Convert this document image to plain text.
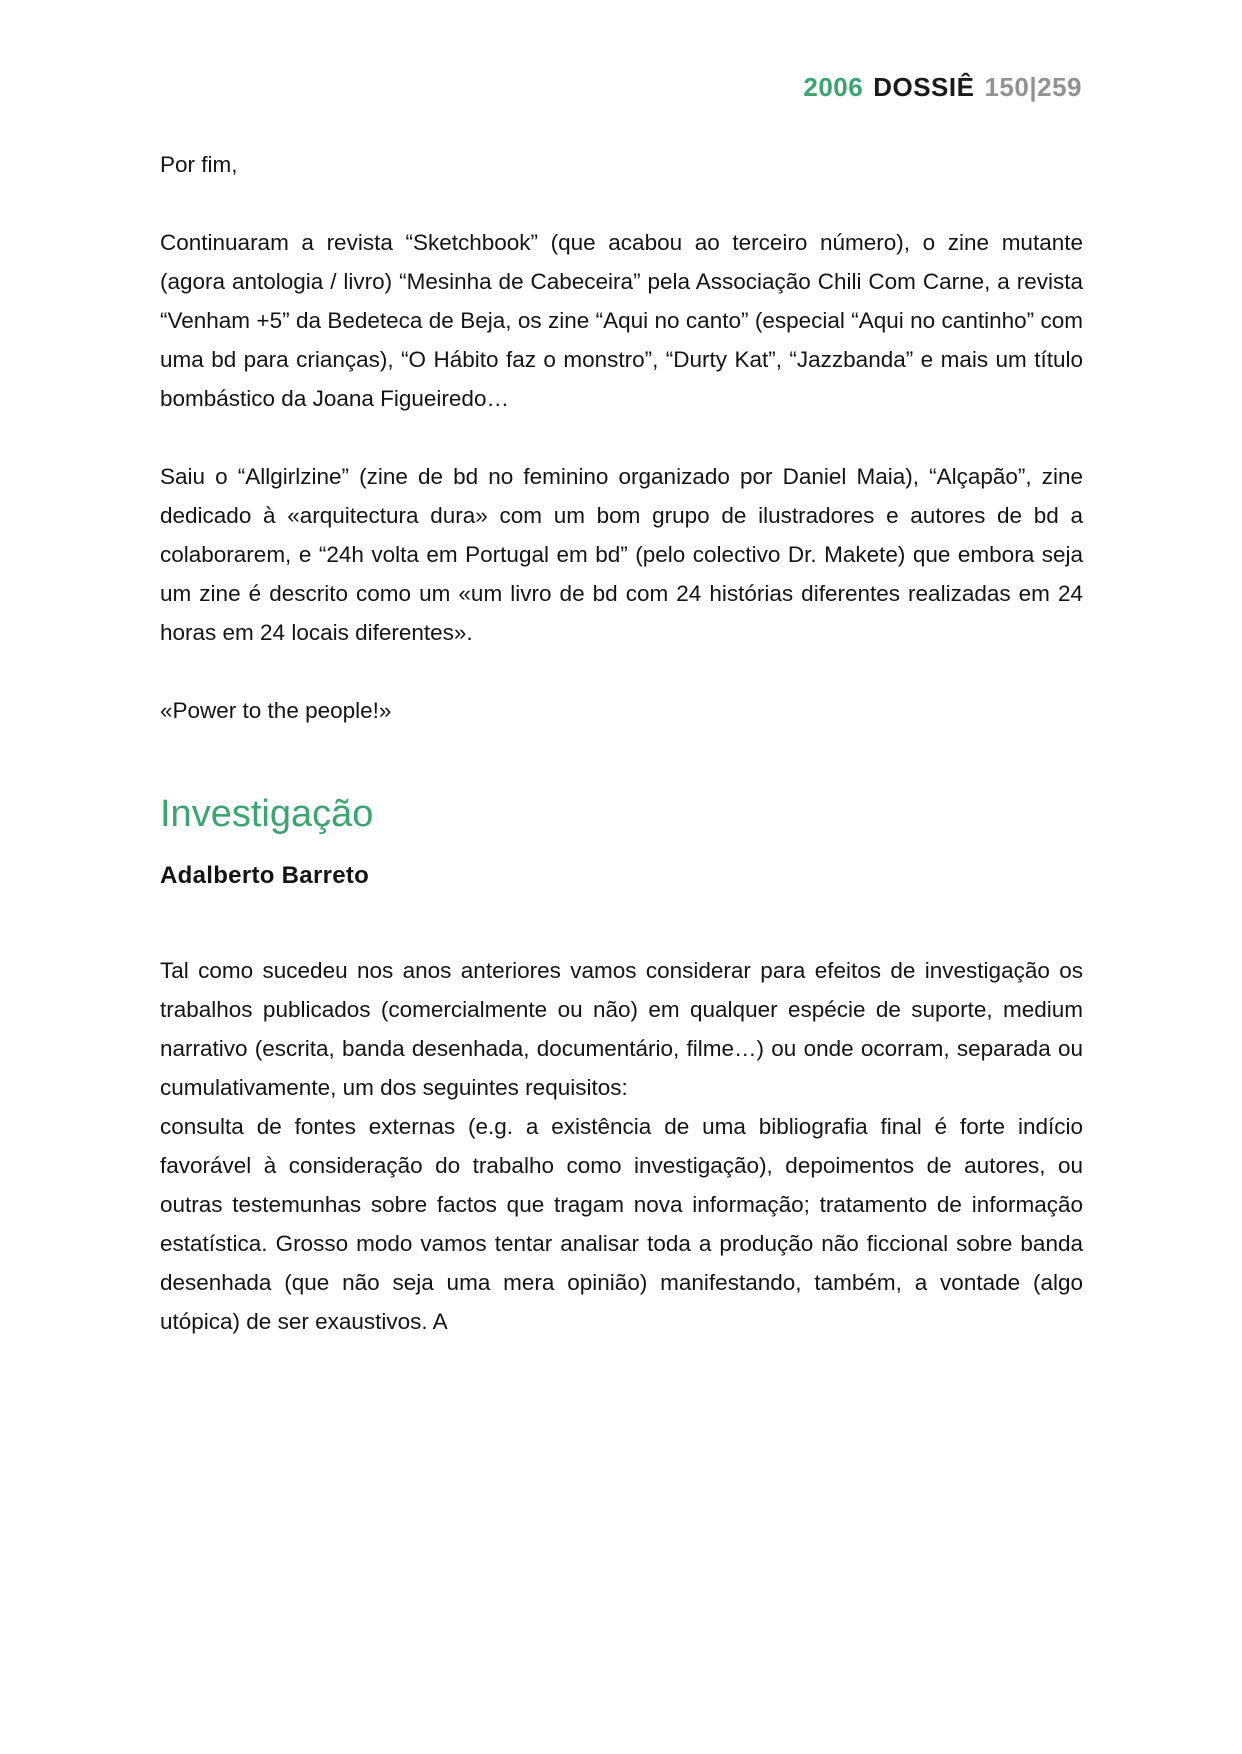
2006 DOSSIÊ 150|259

Por fim,

Continuaram a revista “Sketchbook” (que acabou ao terceiro número), o zine mutante (agora antologia / livro) “Mesinha de Cabeceira” pela Associação Chili Com Carne, a revista “Venham +5” da Bedeteca de Beja, os zine “Aqui no canto” (especial “Aqui no cantinho” com uma bd para crianças), “O Hábito faz o monstro”, “Durty Kat”, “Jazzbanda” e mais um título bombástico da Joana Figueiredo…

Saiu o “Allgirlzine” (zine de bd no feminino organizado por Daniel Maia), “Alçapão”, zine dedicado à «arquitectura dura» com um bom grupo de ilustradores e autores de bd a colaborarem, e “24h volta em Portugal em bd” (pelo colectivo Dr. Makete) que embora seja um zine é descrito como um «um livro de bd com 24 histórias diferentes realizadas em 24 horas em 24 locais diferentes».

«Power to the people!»

Investigação
Adalberto Barreto

Tal como sucedeu nos anos anteriores vamos considerar para efeitos de investigação os trabalhos publicados (comercialmente ou não) em qualquer espécie de suporte, medium narrativo (escrita, banda desenhada, documentário, filme…) ou onde ocorram, separada ou cumulativamente, um dos seguintes requisitos:

consulta de fontes externas (e.g. a existência de uma bibliografia final é forte indício favorável à consideração do trabalho como investigação), depoimentos de autores, ou outras testemunhas sobre factos que tragam nova informação; tratamento de informação estatística. Grosso modo vamos tentar analisar toda a produção não ficcional sobre banda desenhada (que não seja uma mera opinião) manifestando, também, a vontade (algo utópica) de ser exaustivos. A
